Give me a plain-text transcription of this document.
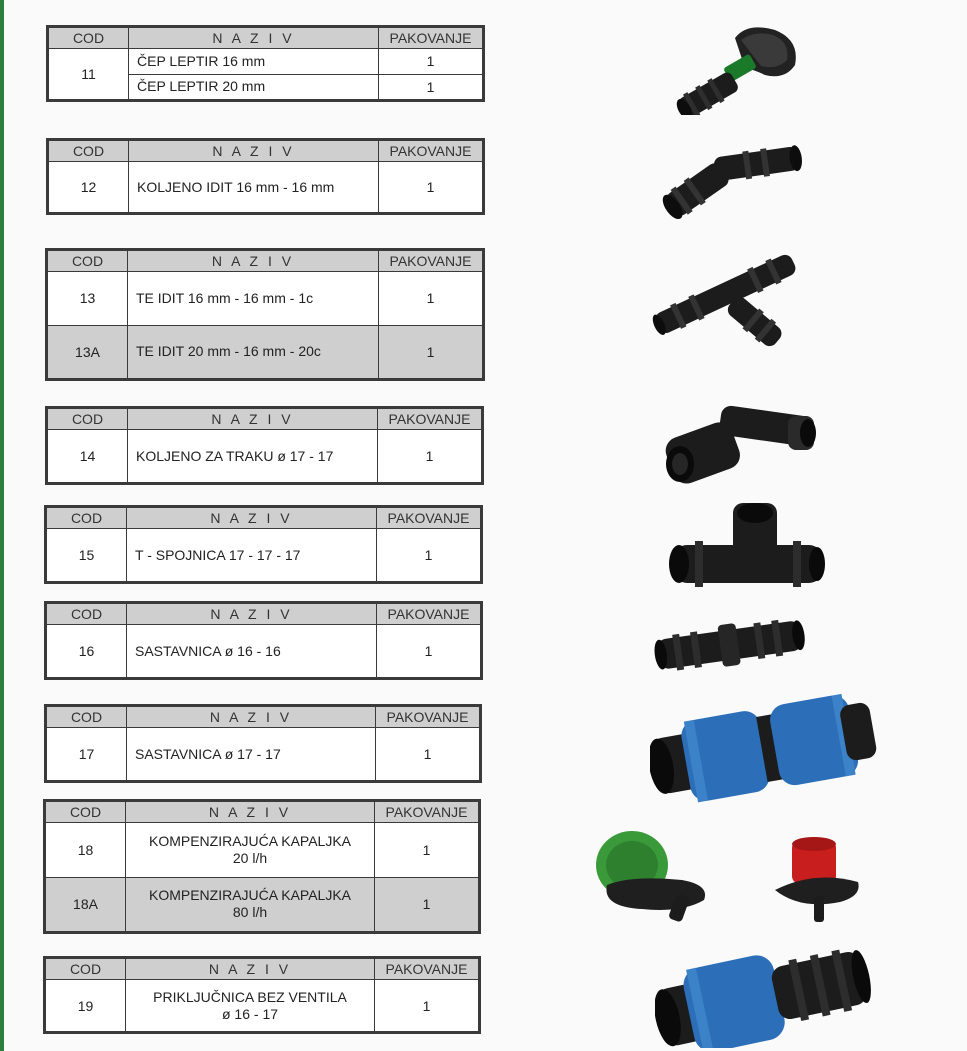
COD	N A Z I V	PAKOVANJE
11	ČEP LEPTIR 16 mm	1
	ČEP LEPTIR 20 mm	1
COD	N A Z I V	PAKOVANJE
12	KOLJENO IDIT 16 mm - 16 mm	1
COD	N A Z I V	PAKOVANJE
13	TE IDIT 16 mm - 16 mm - 1c	1
13A	TE IDIT 20 mm - 16 mm - 20c	1
COD	N A Z I V	PAKOVANJE
14	KOLJENO ZA TRAKU ø 17 - 17	1
COD	N A Z I V	PAKOVANJE
15	T - SPOJNICA 17 - 17 - 17	1
COD	N A Z I V	PAKOVANJE
16	SASTAVNICA ø 16 - 16	1
COD	N A Z I V	PAKOVANJE
17	SASTAVNICA ø 17 - 17	1
COD	N A Z I V	PAKOVANJE
18	KOMPENZIRAJUĆA KAPALJKA
20 l/h	1
18A	KOMPENZIRAJUĆA KAPALJKA
80 l/h	1
COD	N A Z I V	PAKOVANJE
19	PRIKLJUČNICA BEZ VENTILA
ø 16 - 17	1
